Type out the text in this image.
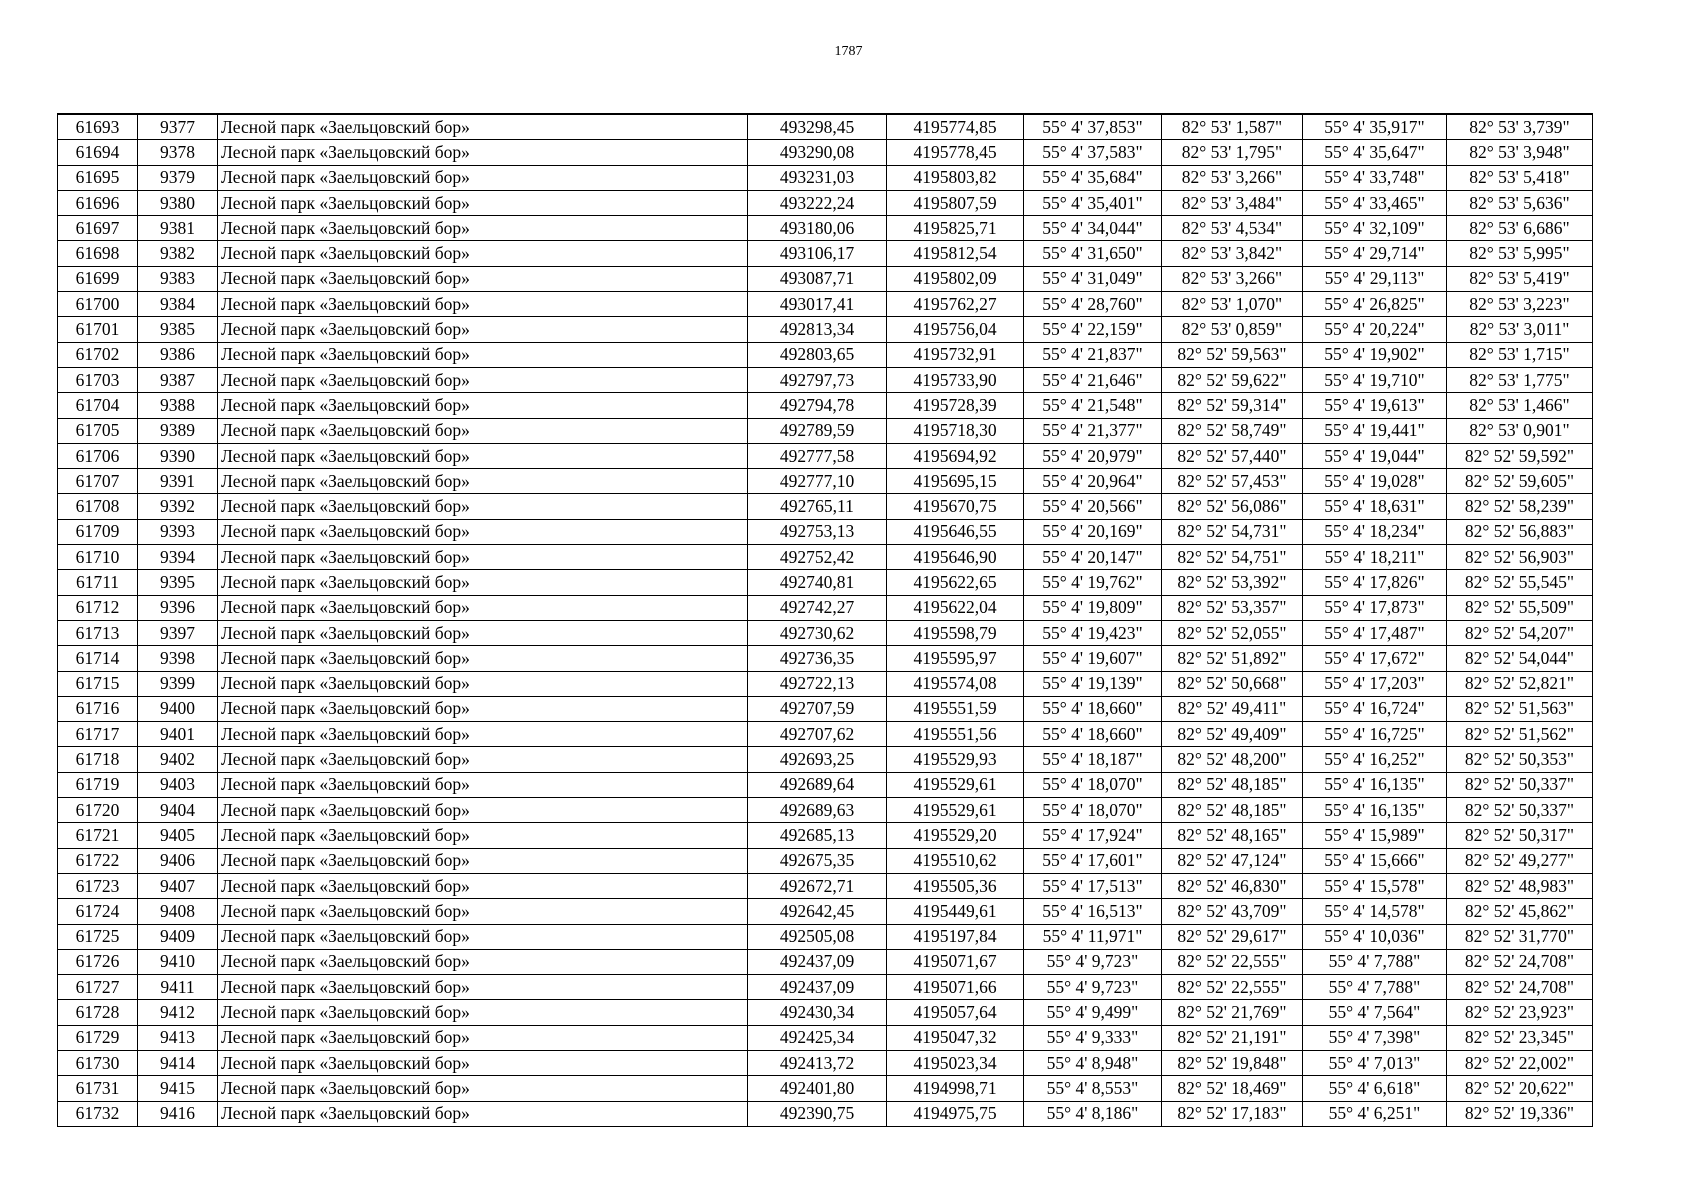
1787
61693	9377	Лесной парк «Заельцовский бор»	493298,45	4195774,85	55° 4' 37,853"	82° 53' 1,587"	55° 4' 35,917"	82° 53' 3,739"
61694	9378	Лесной парк «Заельцовский бор»	493290,08	4195778,45	55° 4' 37,583"	82° 53' 1,795"	55° 4' 35,647"	82° 53' 3,948"
61695	9379	Лесной парк «Заельцовский бор»	493231,03	4195803,82	55° 4' 35,684"	82° 53' 3,266"	55° 4' 33,748"	82° 53' 5,418"
61696	9380	Лесной парк «Заельцовский бор»	493222,24	4195807,59	55° 4' 35,401"	82° 53' 3,484"	55° 4' 33,465"	82° 53' 5,636"
61697	9381	Лесной парк «Заельцовский бор»	493180,06	4195825,71	55° 4' 34,044"	82° 53' 4,534"	55° 4' 32,109"	82° 53' 6,686"
61698	9382	Лесной парк «Заельцовский бор»	493106,17	4195812,54	55° 4' 31,650"	82° 53' 3,842"	55° 4' 29,714"	82° 53' 5,995"
61699	9383	Лесной парк «Заельцовский бор»	493087,71	4195802,09	55° 4' 31,049"	82° 53' 3,266"	55° 4' 29,113"	82° 53' 5,419"
61700	9384	Лесной парк «Заельцовский бор»	493017,41	4195762,27	55° 4' 28,760"	82° 53' 1,070"	55° 4' 26,825"	82° 53' 3,223"
61701	9385	Лесной парк «Заельцовский бор»	492813,34	4195756,04	55° 4' 22,159"	82° 53' 0,859"	55° 4' 20,224"	82° 53' 3,011"
61702	9386	Лесной парк «Заельцовский бор»	492803,65	4195732,91	55° 4' 21,837"	82° 52' 59,563"	55° 4' 19,902"	82° 53' 1,715"
61703	9387	Лесной парк «Заельцовский бор»	492797,73	4195733,90	55° 4' 21,646"	82° 52' 59,622"	55° 4' 19,710"	82° 53' 1,775"
61704	9388	Лесной парк «Заельцовский бор»	492794,78	4195728,39	55° 4' 21,548"	82° 52' 59,314"	55° 4' 19,613"	82° 53' 1,466"
61705	9389	Лесной парк «Заельцовский бор»	492789,59	4195718,30	55° 4' 21,377"	82° 52' 58,749"	55° 4' 19,441"	82° 53' 0,901"
61706	9390	Лесной парк «Заельцовский бор»	492777,58	4195694,92	55° 4' 20,979"	82° 52' 57,440"	55° 4' 19,044"	82° 52' 59,592"
61707	9391	Лесной парк «Заельцовский бор»	492777,10	4195695,15	55° 4' 20,964"	82° 52' 57,453"	55° 4' 19,028"	82° 52' 59,605"
61708	9392	Лесной парк «Заельцовский бор»	492765,11	4195670,75	55° 4' 20,566"	82° 52' 56,086"	55° 4' 18,631"	82° 52' 58,239"
61709	9393	Лесной парк «Заельцовский бор»	492753,13	4195646,55	55° 4' 20,169"	82° 52' 54,731"	55° 4' 18,234"	82° 52' 56,883"
61710	9394	Лесной парк «Заельцовский бор»	492752,42	4195646,90	55° 4' 20,147"	82° 52' 54,751"	55° 4' 18,211"	82° 52' 56,903"
61711	9395	Лесной парк «Заельцовский бор»	492740,81	4195622,65	55° 4' 19,762"	82° 52' 53,392"	55° 4' 17,826"	82° 52' 55,545"
61712	9396	Лесной парк «Заельцовский бор»	492742,27	4195622,04	55° 4' 19,809"	82° 52' 53,357"	55° 4' 17,873"	82° 52' 55,509"
61713	9397	Лесной парк «Заельцовский бор»	492730,62	4195598,79	55° 4' 19,423"	82° 52' 52,055"	55° 4' 17,487"	82° 52' 54,207"
61714	9398	Лесной парк «Заельцовский бор»	492736,35	4195595,97	55° 4' 19,607"	82° 52' 51,892"	55° 4' 17,672"	82° 52' 54,044"
61715	9399	Лесной парк «Заельцовский бор»	492722,13	4195574,08	55° 4' 19,139"	82° 52' 50,668"	55° 4' 17,203"	82° 52' 52,821"
61716	9400	Лесной парк «Заельцовский бор»	492707,59	4195551,59	55° 4' 18,660"	82° 52' 49,411"	55° 4' 16,724"	82° 52' 51,563"
61717	9401	Лесной парк «Заельцовский бор»	492707,62	4195551,56	55° 4' 18,660"	82° 52' 49,409"	55° 4' 16,725"	82° 52' 51,562"
61718	9402	Лесной парк «Заельцовский бор»	492693,25	4195529,93	55° 4' 18,187"	82° 52' 48,200"	55° 4' 16,252"	82° 52' 50,353"
61719	9403	Лесной парк «Заельцовский бор»	492689,64	4195529,61	55° 4' 18,070"	82° 52' 48,185"	55° 4' 16,135"	82° 52' 50,337"
61720	9404	Лесной парк «Заельцовский бор»	492689,63	4195529,61	55° 4' 18,070"	82° 52' 48,185"	55° 4' 16,135"	82° 52' 50,337"
61721	9405	Лесной парк «Заельцовский бор»	492685,13	4195529,20	55° 4' 17,924"	82° 52' 48,165"	55° 4' 15,989"	82° 52' 50,317"
61722	9406	Лесной парк «Заельцовский бор»	492675,35	4195510,62	55° 4' 17,601"	82° 52' 47,124"	55° 4' 15,666"	82° 52' 49,277"
61723	9407	Лесной парк «Заельцовский бор»	492672,71	4195505,36	55° 4' 17,513"	82° 52' 46,830"	55° 4' 15,578"	82° 52' 48,983"
61724	9408	Лесной парк «Заельцовский бор»	492642,45	4195449,61	55° 4' 16,513"	82° 52' 43,709"	55° 4' 14,578"	82° 52' 45,862"
61725	9409	Лесной парк «Заельцовский бор»	492505,08	4195197,84	55° 4' 11,971"	82° 52' 29,617"	55° 4' 10,036"	82° 52' 31,770"
61726	9410	Лесной парк «Заельцовский бор»	492437,09	4195071,67	55° 4' 9,723"	82° 52' 22,555"	55° 4' 7,788"	82° 52' 24,708"
61727	9411	Лесной парк «Заельцовский бор»	492437,09	4195071,66	55° 4' 9,723"	82° 52' 22,555"	55° 4' 7,788"	82° 52' 24,708"
61728	9412	Лесной парк «Заельцовский бор»	492430,34	4195057,64	55° 4' 9,499"	82° 52' 21,769"	55° 4' 7,564"	82° 52' 23,923"
61729	9413	Лесной парк «Заельцовский бор»	492425,34	4195047,32	55° 4' 9,333"	82° 52' 21,191"	55° 4' 7,398"	82° 52' 23,345"
61730	9414	Лесной парк «Заельцовский бор»	492413,72	4195023,34	55° 4' 8,948"	82° 52' 19,848"	55° 4' 7,013"	82° 52' 22,002"
61731	9415	Лесной парк «Заельцовский бор»	492401,80	4194998,71	55° 4' 8,553"	82° 52' 18,469"	55° 4' 6,618"	82° 52' 20,622"
61732	9416	Лесной парк «Заельцовский бор»	492390,75	4194975,75	55° 4' 8,186"	82° 52' 17,183"	55° 4' 6,251"	82° 52' 19,336"
